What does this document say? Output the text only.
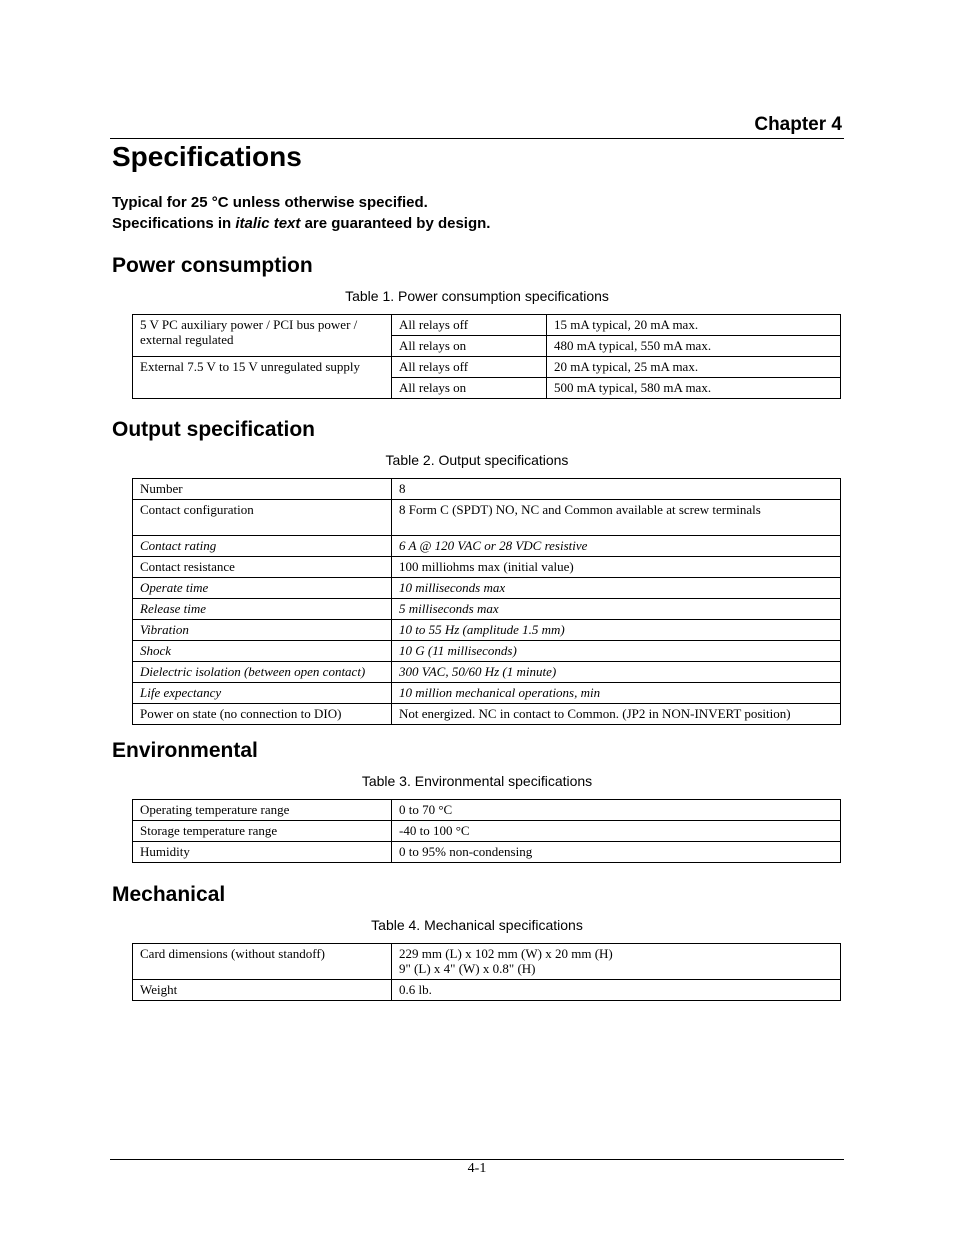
Chapter 4
Specifications
Typical for 25 °C unless otherwise specified.
Specifications in italic text are guaranteed by design.
Power consumption
Table 1. Power consumption specifications
5 V PC auxiliary power / PCI bus power / external regulated	All relays off	15 mA typical, 20 mA max.
	All relays on	480 mA typical, 550 mA max.
External 7.5 V to 15 V unregulated supply	All relays off	20 mA typical, 25 mA max.
	All relays on	500 mA typical, 580 mA max.
Output specification
Table 2. Output specifications
Number	8
Contact configuration	8 Form C (SPDT) NO, NC and Common available at screw terminals
Contact rating	6 A @ 120 VAC or 28 VDC resistive
Contact resistance	100 milliohms max (initial value)
Operate time	10 milliseconds max
Release time	5 milliseconds max
Vibration	10 to 55 Hz (amplitude 1.5 mm)
Shock	10 G (11 milliseconds)
Dielectric isolation (between open contact)	300 VAC, 50/60 Hz (1 minute)
Life expectancy	10 million mechanical operations, min
Power on state (no connection to DIO)	Not energized. NC in contact to Common. (JP2 in NON-INVERT position)
Environmental
Table 3. Environmental specifications
Operating temperature range	0 to 70 °C
Storage temperature range	-40 to 100 °C
Humidity	0 to 95% non-condensing
Mechanical
Table 4. Mechanical specifications
Card dimensions (without standoff)	229 mm (L) x 102 mm (W) x 20 mm (H)
9" (L) x 4" (W) x 0.8" (H)

Weight	0.6 lb.
4-1
